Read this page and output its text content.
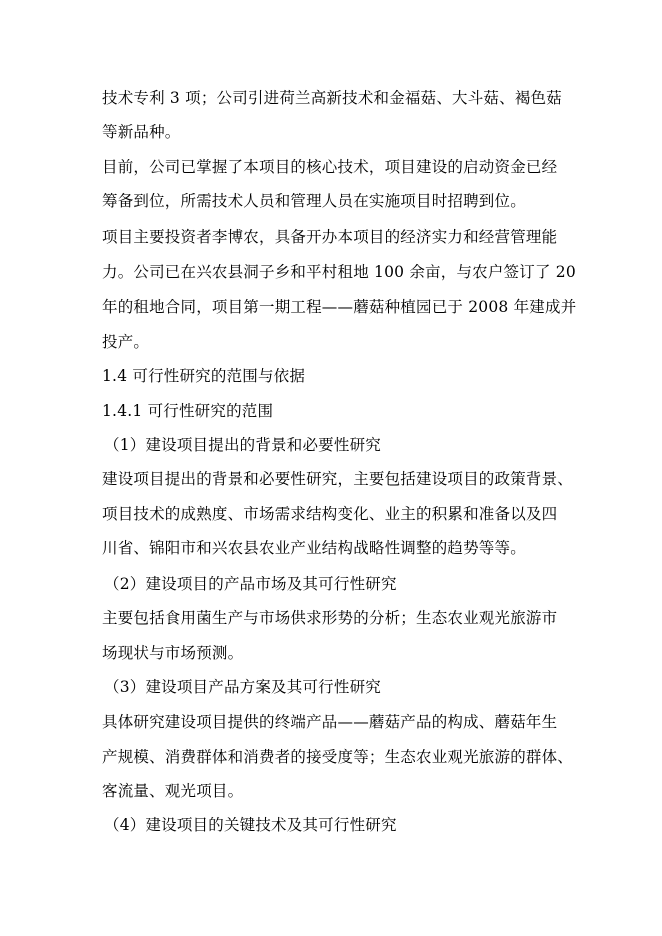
技术专利 3 项；公司引进荷兰高新技术和金福菇、大斗菇、褐色菇
等新品种。
目前，公司已掌握了本项目的核心技术，项目建设的启动资金已经
筹备到位，所需技术人员和管理人员在实施项目时招聘到位。
项目主要投资者李博农，具备开办本项目的经济实力和经营管理能
力。公司已在兴农县洞子乡和平村租地 100 余亩，与农户签订了 20
年的租地合同，项目第一期工程——蘑菇种植园已于 2008 年建成并
投产。
1.4 可行性研究的范围与依据
1.4.1 可行性研究的范围
（1）建设项目提出的背景和必要性研究
建设项目提出的背景和必要性研究，主要包括建设项目的政策背景、
项目技术的成熟度、市场需求结构变化、业主的积累和准备以及四
川省、锦阳市和兴农县农业产业结构战略性调整的趋势等等。
（2）建设项目的产品市场及其可行性研究
主要包括食用菌生产与市场供求形势的分析；生态农业观光旅游市
场现状与市场预测。
（3）建设项目产品方案及其可行性研究
具体研究建设项目提供的终端产品——蘑菇产品的构成、蘑菇年生
产规模、消费群体和消费者的接受度等；生态农业观光旅游的群体、
客流量、观光项目。
（4）建设项目的关键技术及其可行性研究
